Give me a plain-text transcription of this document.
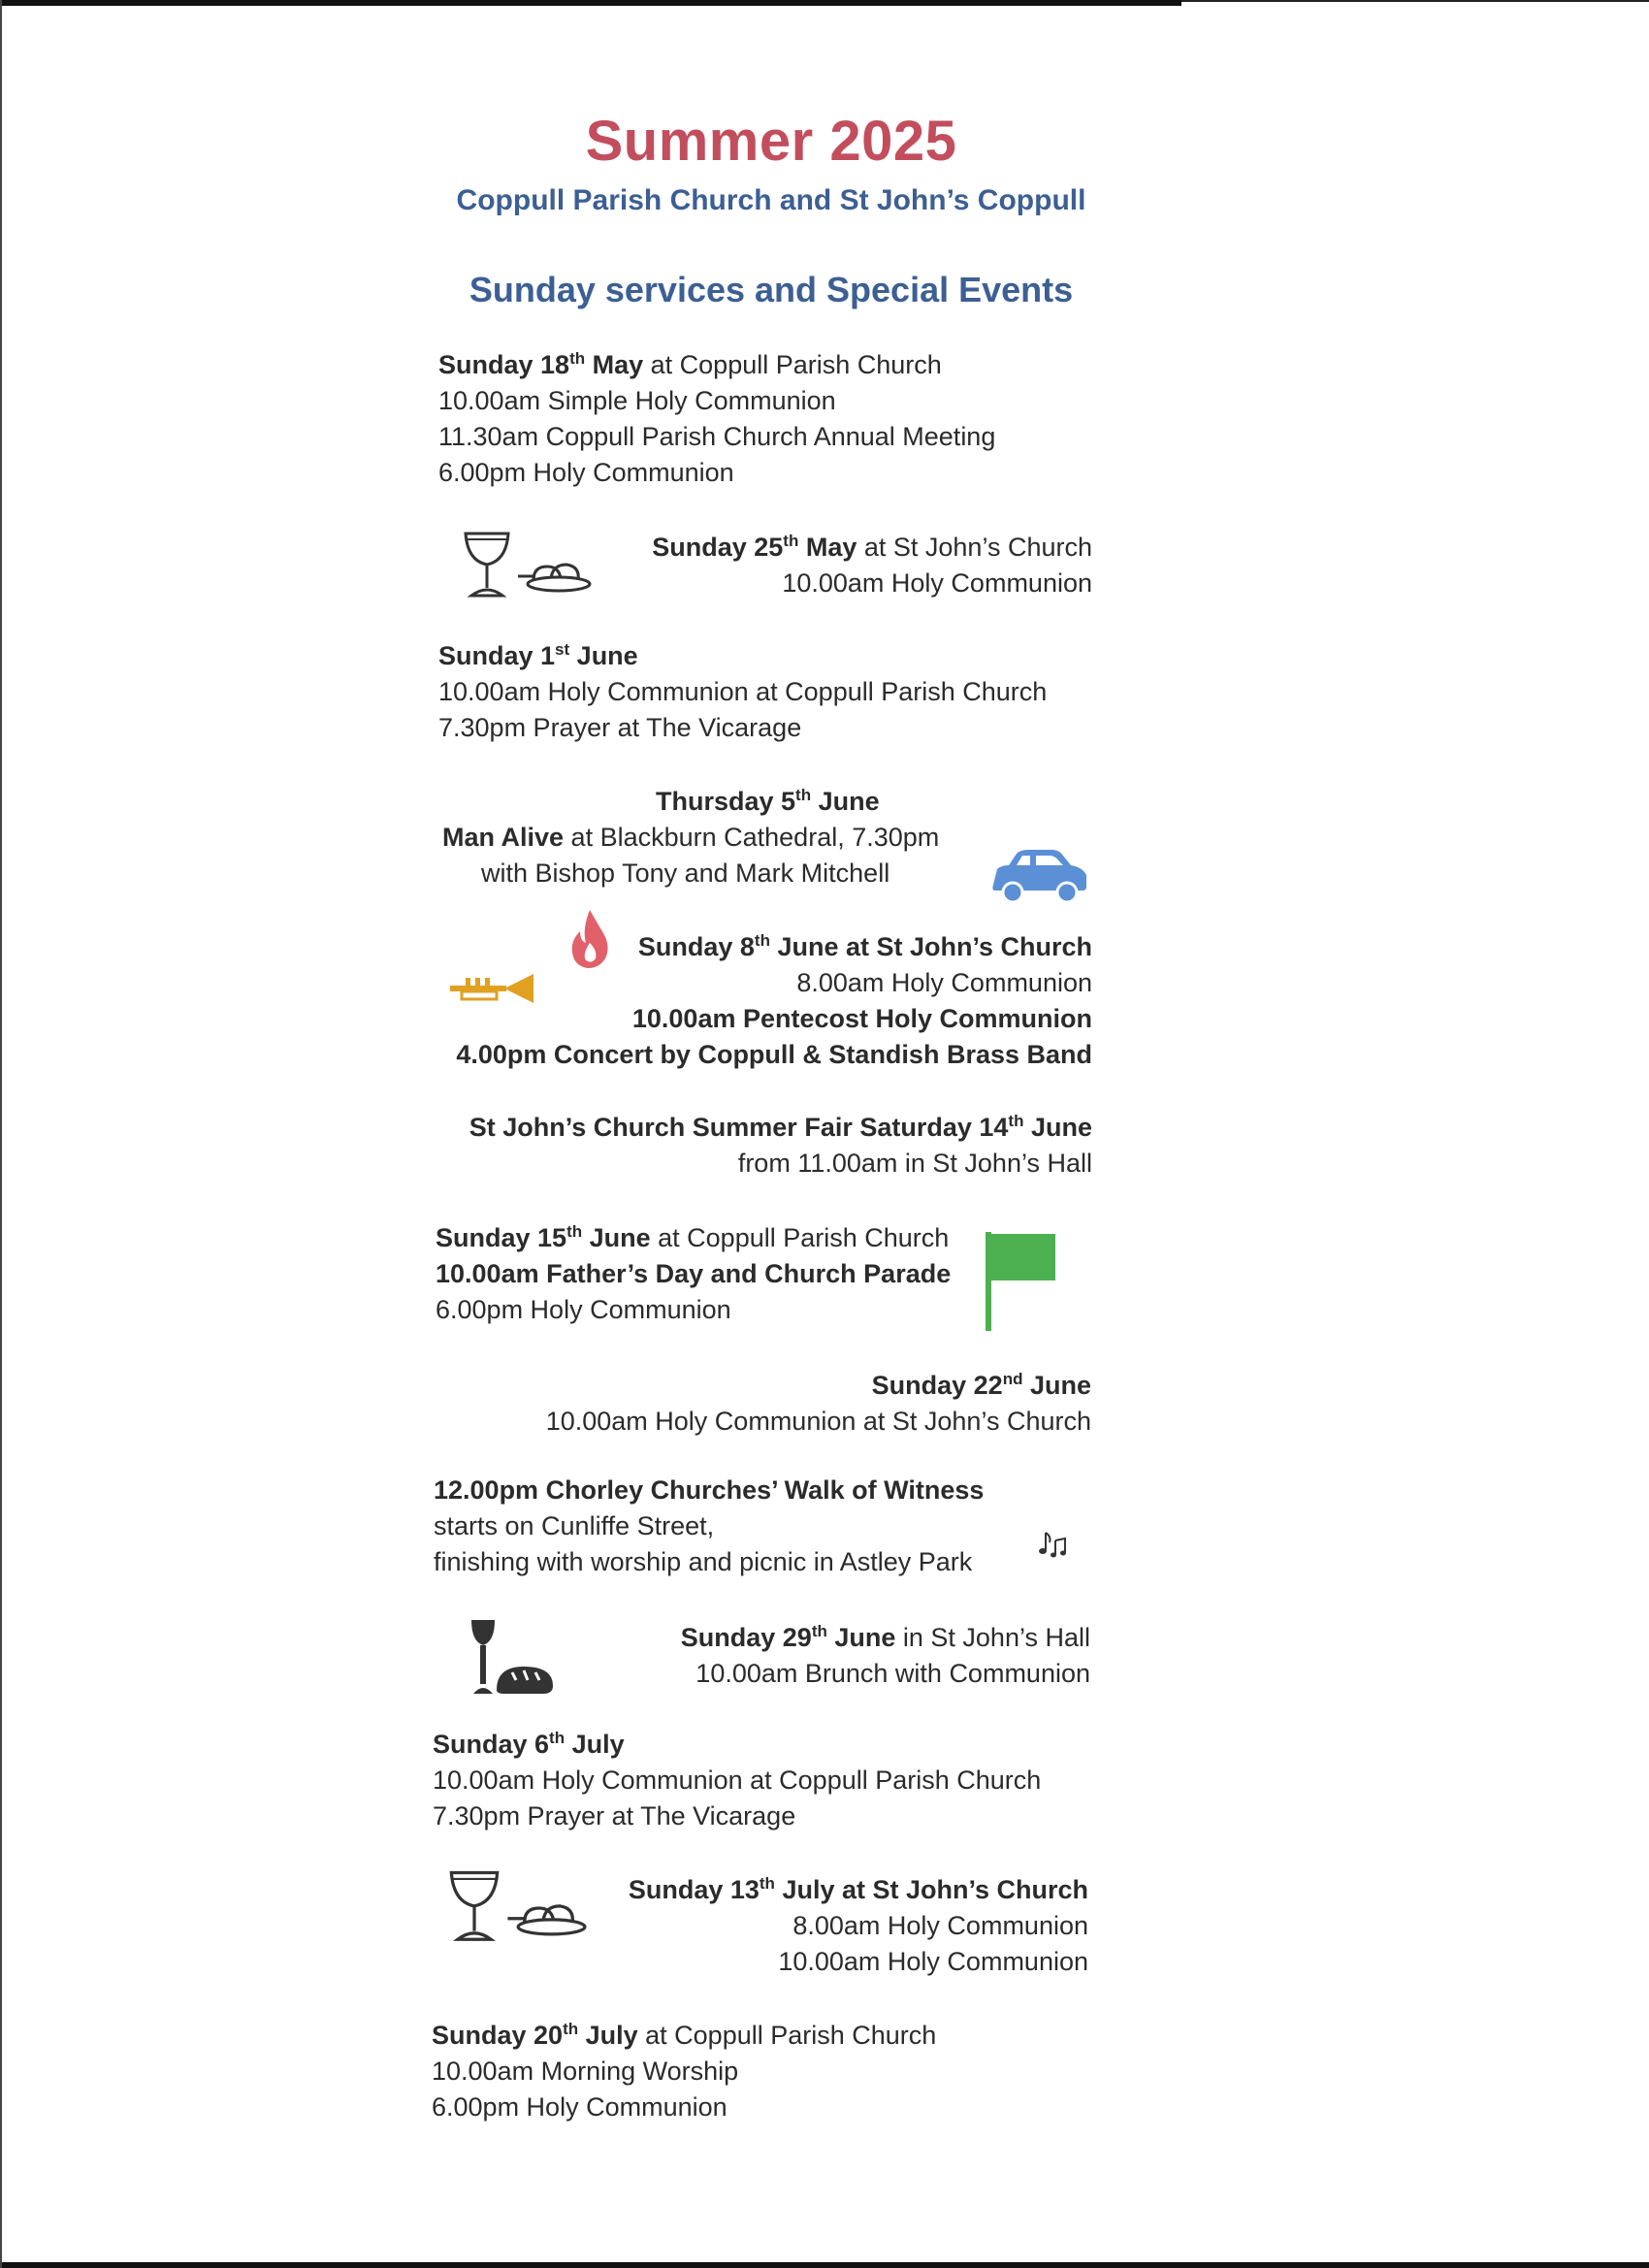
Summer 2025
Coppull Parish Church and St John’s Coppull
Sunday services and Special Events
Sunday 18th May at Coppull Parish Church
10.00am Simple Holy Communion
11.30am Coppull Parish Church Annual Meeting
6.00pm Holy Communion
Sunday 25th May at St John’s Church
10.00am Holy Communion
Sunday 1st June
10.00am Holy Communion at Coppull Parish Church
7.30pm Prayer at The Vicarage
Thursday 5th June
Man Alive at Blackburn Cathedral, 7.30pm
with Bishop Tony and Mark Mitchell
Sunday 8th June at St John’s Church
8.00am Holy Communion
10.00am Pentecost Holy Communion
4.00pm Concert by Coppull & Standish Brass Band
St John’s Church Summer Fair Saturday 14th June
from 11.00am in St John’s Hall
Sunday 15th June at Coppull Parish Church
10.00am Father’s Day and Church Parade
6.00pm Holy Communion
Sunday 22nd June
10.00am Holy Communion at St John’s Church
12.00pm Chorley Churches’ Walk of Witness
starts on Cunliffe Street,
finishing with worship and picnic in Astley Park
Sunday 29th June in St John’s Hall
10.00am Brunch with Communion
Sunday 6th July
10.00am Holy Communion at Coppull Parish Church
7.30pm Prayer at The Vicarage
Sunday 13th July at St John’s Church
8.00am Holy Communion
10.00am Holy Communion
Sunday 20th July at Coppull Parish Church
10.00am Morning Worship
6.00pm Holy Communion
